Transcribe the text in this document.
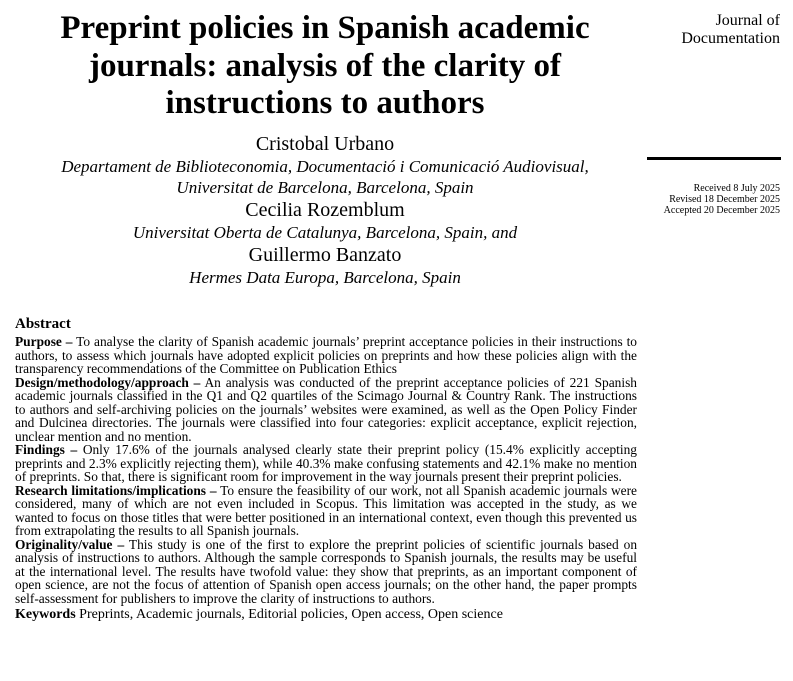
Preprint policies in Spanish academic journals: analysis of the clarity of instructions to authors
Journal of Documentation
Received 8 July 2025
Revised 18 December 2025
Accepted 20 December 2025
Cristobal Urbano
Departament de Biblioteconomia, Documentació i Comunicació Audiovisual,
Universitat de Barcelona, Barcelona, Spain
Cecilia Rozemblum
Universitat Oberta de Catalunya, Barcelona, Spain, and
Guillermo Banzato
Hermes Data Europa, Barcelona, Spain
Abstract

Purpose – To analyse the clarity of Spanish academic journals’ preprint acceptance policies in their instructions to authors, to assess which journals have adopted explicit policies on preprints and how these policies align with the transparency recommendations of the Committee on Publication Ethics

Design/methodology/approach – An analysis was conducted of the preprint acceptance policies of 221 Spanish academic journals classified in the Q1 and Q2 quartiles of the Scimago Journal & Country Rank. The instructions to authors and self-archiving policies on the journals’ websites were examined, as well as the Open Policy Finder and Dulcinea directories. The journals were classified into four categories: explicit acceptance, explicit rejection, unclear mention and no mention.

Findings – Only 17.6% of the journals analysed clearly state their preprint policy (15.4% explicitly accepting preprints and 2.3% explicitly rejecting them), while 40.3% make confusing statements and 42.1% make no mention of preprints. So that, there is significant room for improvement in the way journals present their preprint policies.

Research limitations/implications – To ensure the feasibility of our work, not all Spanish academic journals were considered, many of which are not even included in Scopus. This limitation was accepted in the study, as we wanted to focus on those titles that were better positioned in an international context, even though this prevented us from extrapolating the results to all Spanish journals.

Originality/value – This study is one of the first to explore the preprint policies of scientific journals based on analysis of instructions to authors. Although the sample corresponds to Spanish journals, the results may be useful at the international level. The results have twofold value: they show that preprints, as an important component of open science, are not the focus of attention of Spanish open access journals; on the other hand, the paper prompts self-assessment for publishers to improve the clarity of instructions to authors.

Keywords Preprints, Academic journals, Editorial policies, Open access, Open science
